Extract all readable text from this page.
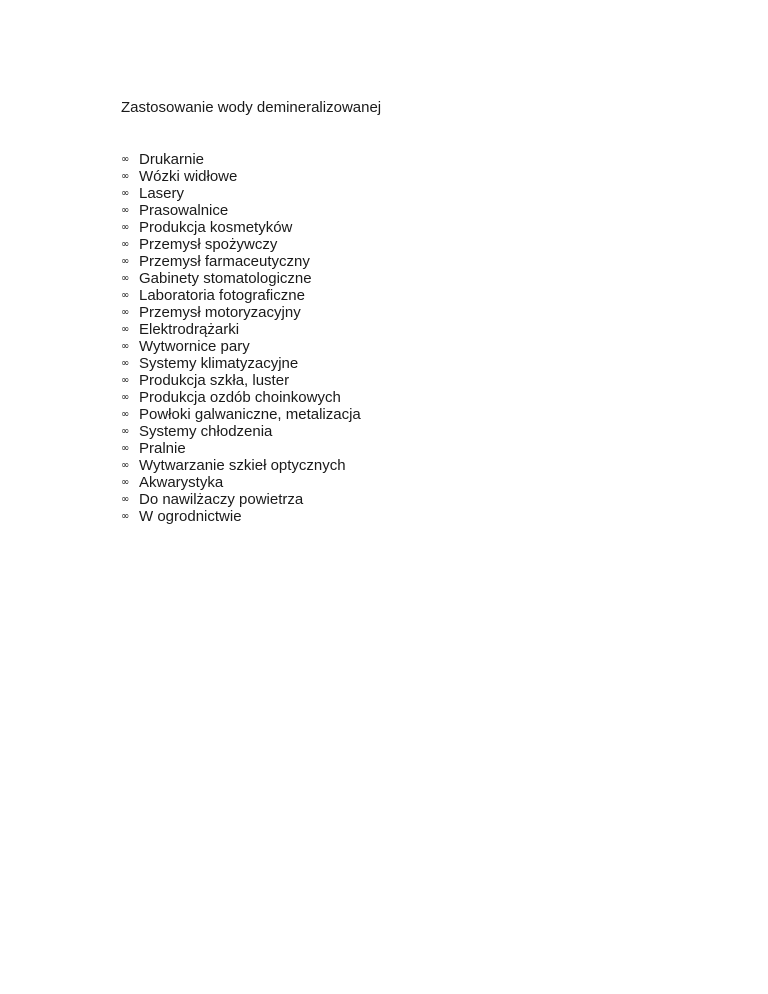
Zastosowanie wody demineralizowanej
∞ Drukarnie
∞ Wózki widłowe
∞ Lasery
∞ Prasowalnice
∞ Produkcja kosmetyków
∞ Przemysł spożywczy
∞ Przemysł farmaceutyczny
∞ Gabinety stomatologiczne
∞ Laboratoria fotograficzne
∞ Przemysł motoryzacyjny
∞ Elektrodrążarki
∞ Wytwornice pary
∞ Systemy klimatyzacyjne
∞ Produkcja szkła, luster
∞ Produkcja ozdób choinkowych
∞ Powłoki galwaniczne, metalizacja
∞ Systemy chłodzenia
∞ Pralnie
∞ Wytwarzanie szkieł optycznych
∞ Akwarystyka
∞ Do nawilżaczy powietrza
∞ W ogrodnictwie
